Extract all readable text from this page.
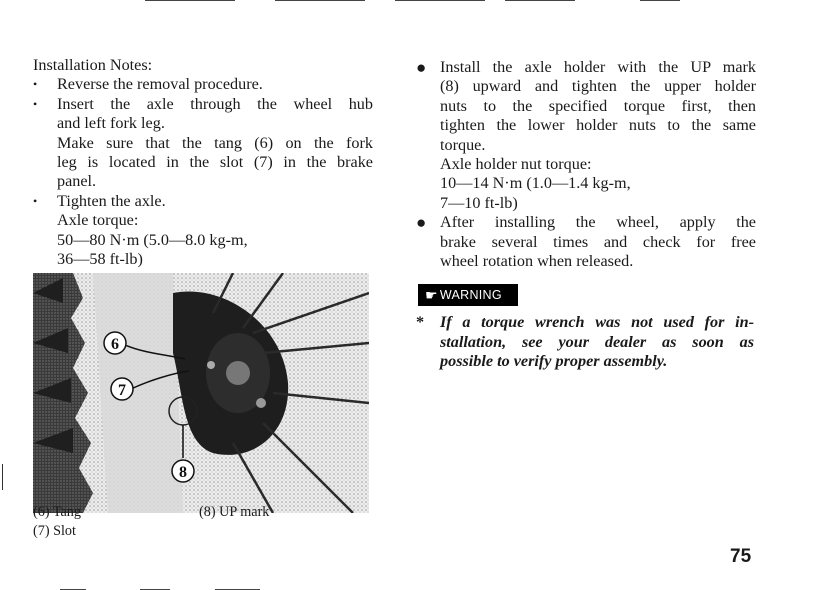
Installation Notes:
•	Reverse the removal procedure.
•	Insert the axle through the wheel hub
and left fork leg.
Make sure that the tang (6) on the fork
leg is located in the slot (7) in the brake
panel.
•	Tighten the axle.
Axle torque:
50—80 N·m (5.0—8.0 kg-m,
36—58 ft-lb)
6
7
8
(6) Tang
(7) Slot
(8) UP mark
● Install the axle holder with the UP mark
(8) upward and tighten the upper holder
nuts to the specified torque first, then
tighten the lower holder nuts to the same
torque.
Axle holder nut torque:
10—14 N·m (1.0—1.4 kg-m,
7—10 ft-lb)
● After installing the wheel, apply the
brake several times and check for free
wheel rotation when released.
☛ WARNING
* If a torque wrench was not used for in-
stallation, see your dealer as soon as
possible to verify proper assembly.
75
